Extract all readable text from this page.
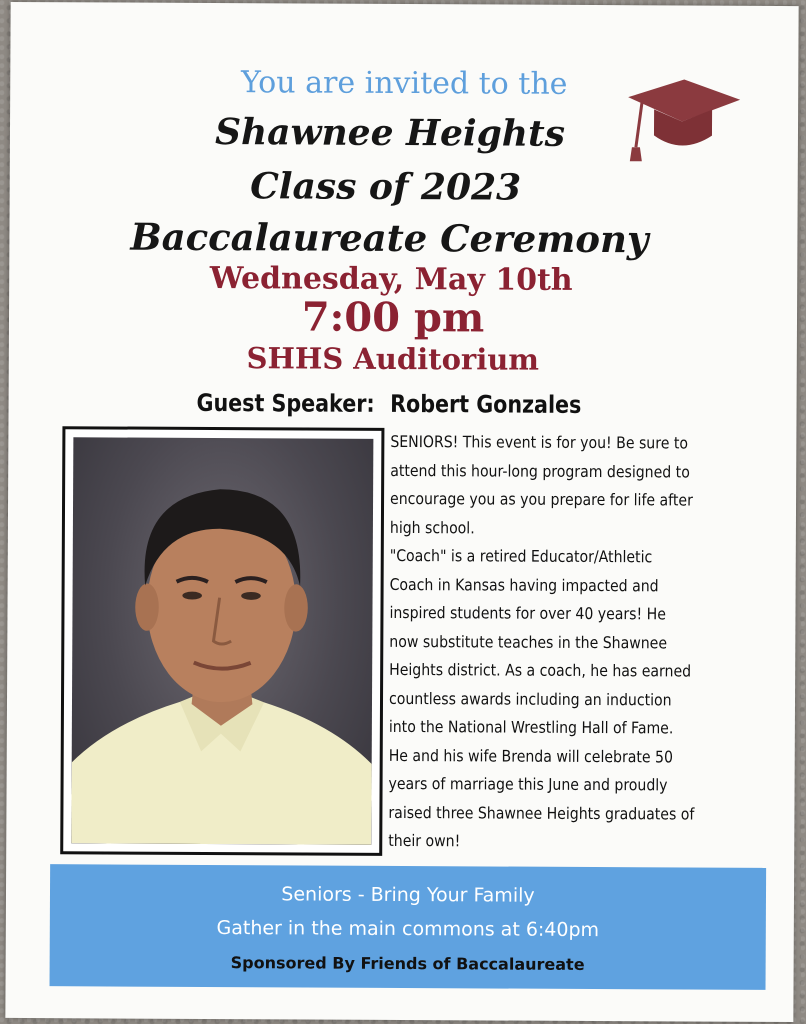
You are invited to the
Shawnee Heights
Class of 2023
Baccalaureate Ceremony
Wednesday, May 10th
7:00 pm
SHHS Auditorium
Guest Speaker: Robert Gonzales

SENIORS! This event is for you! Be sure to

attend this hour-long program designed to

encourage you as you prepare for life after

high school.

"Coach" is a retired Educator/Athletic

Coach in Kansas having impacted and

inspired students for over 40 years! He

now substitute teaches in the Shawnee

Heights district. As a coach, he has earned

countless awards including an induction

into the National Wrestling Hall of Fame.

He and his wife Brenda will celebrate 50

years of marriage this June and proudly

raised three Shawnee Heights graduates of

their own!

Seniors - Bring Your Family
Gather in the main commons at 6:40pm
Sponsored By Friends of Baccalaureate
